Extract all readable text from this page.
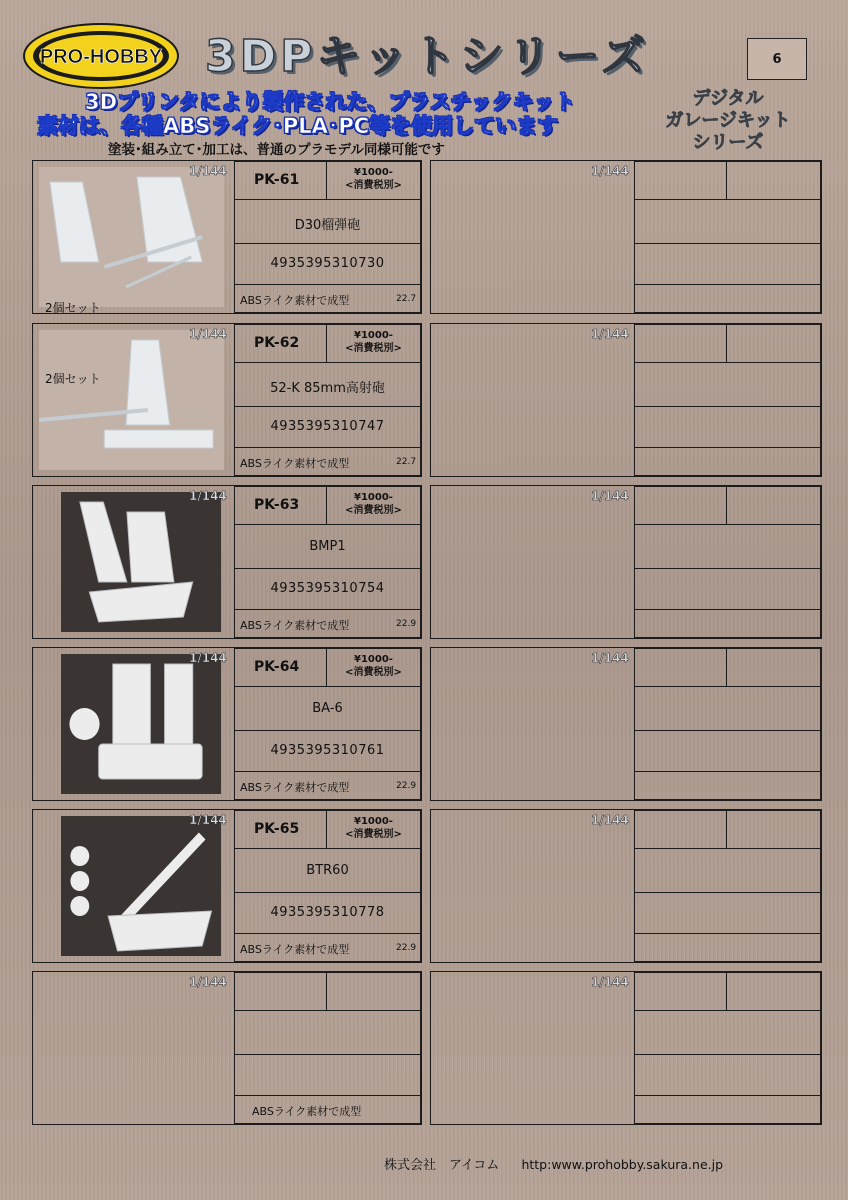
PRO-HOBBY 3DPキットシリーズ	6
3Dプリンタにより製作された、プラスチックキット
素材は、各種ABSライク･PLA･PC等を使用しています
塗装･組み立て･加工は、普通のプラモデル同様可能です
デジタル
ガレージキット
シリーズ
1/144
2個セット
PK-61	¥1000-
<消費税別>
D30榴弾砲
4935395310730
ABSライク素材で成型	22.7
1/144
2個セット
PK-62	¥1000-
<消費税別>
52-K 85mm高射砲
4935395310747
ABSライク素材で成型	22.7
1/144
PK-63	¥1000-
<消費税別>
BMP1
4935395310754
ABSライク素材で成型	22.9
1/144
PK-64	¥1000-
<消費税別>
BA-6
4935395310761
ABSライク素材で成型	22.9
1/144
PK-65	¥1000-
<消費税別>
BTR60
4935395310778
ABSライク素材で成型	22.9
1/144
ABSライク素材で成型
1/144
1/144
1/144
1/144
1/144
1/144
株式会社　アイコム http:www.prohobby.sakura.ne.jp
